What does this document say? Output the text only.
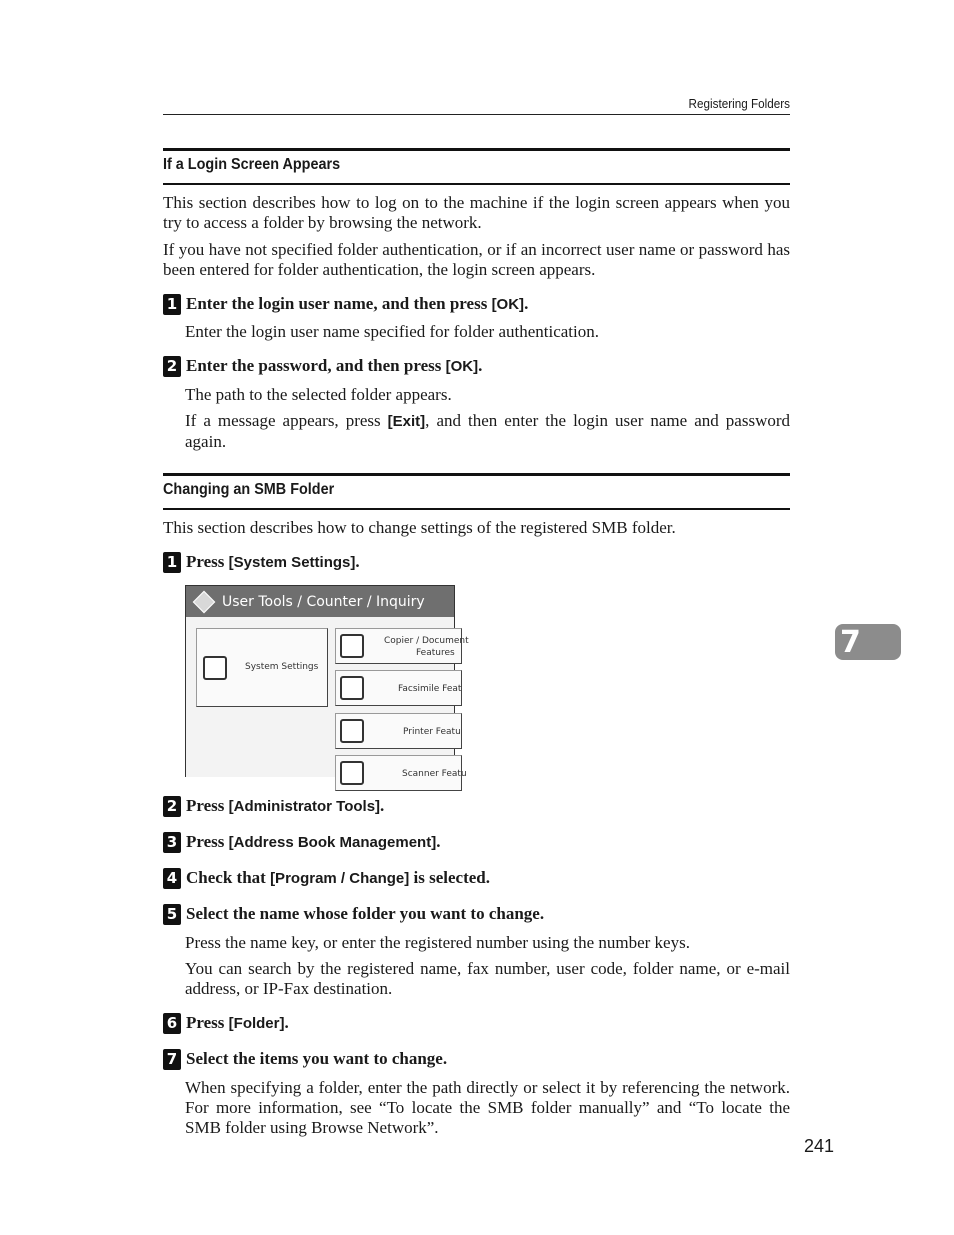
Registering Folders
If a Login Screen Appears
This section describes how to log on to the machine if the login screen appears when you try to access a folder by browsing the network.
If you have not specified folder authentication, or if an incorrect user name or password has been entered for folder authentication, the login screen appears.
1 Enter the login user name, and then press [OK].
Enter the login user name specified for folder authentication.
2 Enter the password, and then press [OK].
The path to the selected folder appears.
If a message appears, press [Exit], and then enter the login user name and password again.
Changing an SMB Folder
This section describes how to change settings of the registered SMB folder.
1 Press [System Settings].
User Tools / Counter / Inquiry
System Settings
Copier / Document
Features
Facsimile Feat
Printer Featu
Scanner Featu
2 Press [Administrator Tools].
3 Press [Address Book Management].
4 Check that [Program / Change] is selected.
5 Select the name whose folder you want to change.
Press the name key, or enter the registered number using the number keys.
You can search by the registered name, fax number, user code, folder name, or e-mail address, or IP-Fax destination.
6 Press [Folder].
7 Select the items you want to change.
When specifying a folder, enter the path directly or select it by referencing the network. For more information, see “To locate the SMB folder manually” and “To locate the SMB folder using Browse Network”.
7
241
